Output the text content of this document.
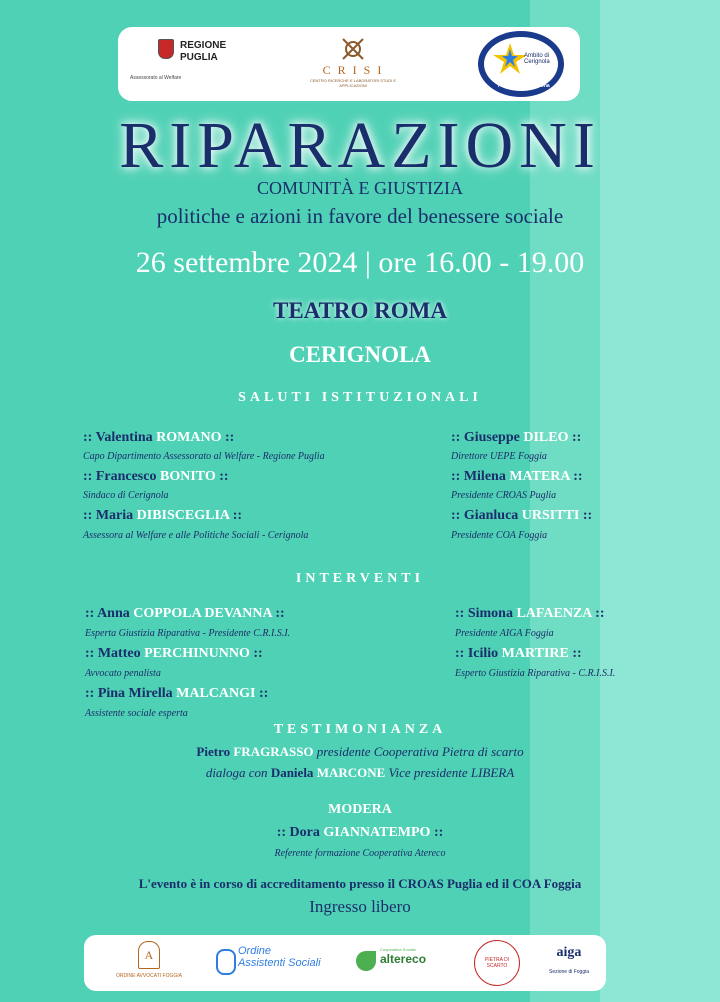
REGIONE
PUGLIA
Assessorato al Welfare
C R I S I
CENTRO RICERCHE E LABORATORI STUDI E APPLICAZIONI
Ambito di Cerignola
Piano Sociale di Zona
RIPARAZIONI
COMUNITÀ E GIUSTIZIA
politiche e azioni in favore del benessere sociale
26 settembre 2024 | ore 16.00 - 19.00
TEATRO ROMA
CERIGNOLA
SALUTI ISTITUZIONALI
:: Valentina ROMANO ::
Capo Dipartimento Assessorato al Welfare - Regione Puglia
:: Francesco BONITO ::
Sindaco di Cerignola
:: Maria DIBISCEGLIA ::
Assessora al Welfare e alle Politiche Sociali - Cerignola
:: Giuseppe DILEO ::
Direttore UEPE Foggia
:: Milena MATERA ::
Presidente CROAS Puglia
:: Gianluca URSITTI ::
Presidente COA Foggia
INTERVENTI
:: Anna COPPOLA DEVANNA ::
Esperta Giustizia Riparativa - Presidente C.R.I.S.I.
:: Matteo PERCHINUNNO ::
Avvocato penalista
:: Pina Mirella MALCANGI ::
Assistente sociale esperta
:: Simona LAFAENZA ::
Presidente AIGA Foggia
:: Icilio MARTIRE ::
Esperto Giustizia Riparativa - C.R.I.S.I.
TESTIMONIANZA
Pietro FRAGRASSO presidente Cooperativa Pietra di scarto
dialoga con Daniela MARCONE Vice presidente LIBERA
MODERA
:: Dora GIANNATEMPO ::
Referente formazione Cooperativa Atereco
L'evento è in corso di accreditamento presso il CROAS Puglia ed il COA Foggia
Ingresso libero
A
ORDINE AVVOCATI FOGGIA
Ordine
Assistenti Sociali
Cooperativa Sociale
altereco	PIETRA DI SCARTO
aiga
Sezione di Foggia
